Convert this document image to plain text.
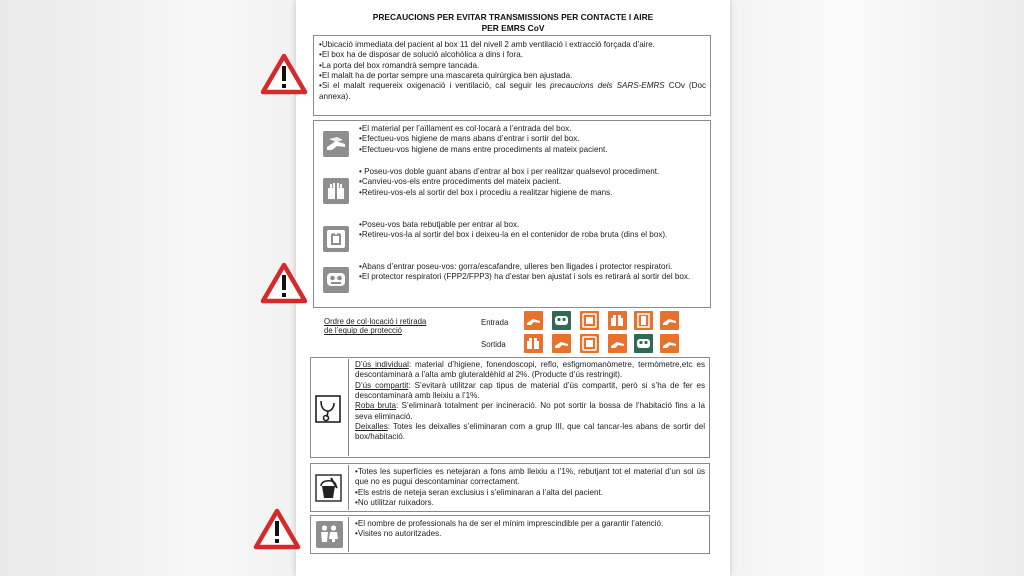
PRECAUCIONS PER EVITAR TRANSMISSIONS PER CONTACTE I AIRE
PER EMRS CoV

•Ubicació immediata del pacient al box 11 del nivell 2 amb ventilació i extracció forçada d’aire.

•El box ha de disposar de solució alcohòlica a dins i fora.

•La porta del box romandrà sempre tancada.

•El malalt ha de portar sempre una mascareta quirúrgica ben ajustada.

•Si el malalt requereix oxigenació i ventilació, cal seguir les precaucions dels SARS-EMRS COv (Doc annexa).

•El material per l’aïllament es col·locarà a l’entrada del box.

•Efectueu-vos higiene de mans abans d’entrar i sortir del box.

•Efectueu-vos higiene de mans entre procediments al mateix pacient.

• Poseu-vos doble guant abans d’entrar al box i per realitzar qualsevol procediment.

•Canvieu-vos-els entre procediments del mateix pacient.

•Retireu-vos-els al sortir del box i procediu a realitzar higiene de mans.

•Poseu-vos bata rebutjable per entrar al box.

•Retireu-vos-la al sortir del box i deixeu-la en el contenidor de roba bruta (dins el box).

•Abans d’entrar poseu-vos: gorra/escafandre, ulleres ben lligades i protector respiratori.

•El protector respiratori (FPP2/FPP3) ha d’estar ben ajustat i sols es retirarà al sortir del box.

Ordre de col·locació i retirada de l’equip de protecció
Entrada
Sortida

D’ús individual: material d’higiene, fonendoscopi, reflo, esfigmomanòmetre, termòmetre,etc es descontaminarà a l’alta amb gluteraldèhid al 2%. (Producte d’ús restringit).

D’ús compartit: S’evitarà utilitzar cap tipus de material d’ús compartit, però si s’ha de fer es descontaminarà amb lleixiu a l’1%.

Roba bruta: S’eliminarà totalment per incineració. No pot sortir la bossa de l’habitació fins a la seva eliminació.

Deixalles: Totes les deixalles s’eliminaran com a grup III, que cal tancar-les abans de sortir del box/habitació.

•Totes les superfícies es netejaran a fons amb lleixiu a l’1%, rebutjant tot el material d’un sol ús que no es pugui descontaminar correctament.

•Els estris de neteja seran exclusius i s’eliminaran a l’alta del pacient.

•No utilitzar ruixadors.

•El nombre de professionals ha de ser el mínim imprescindible per a garantir l’atenció.

•Visites no autoritzades.
